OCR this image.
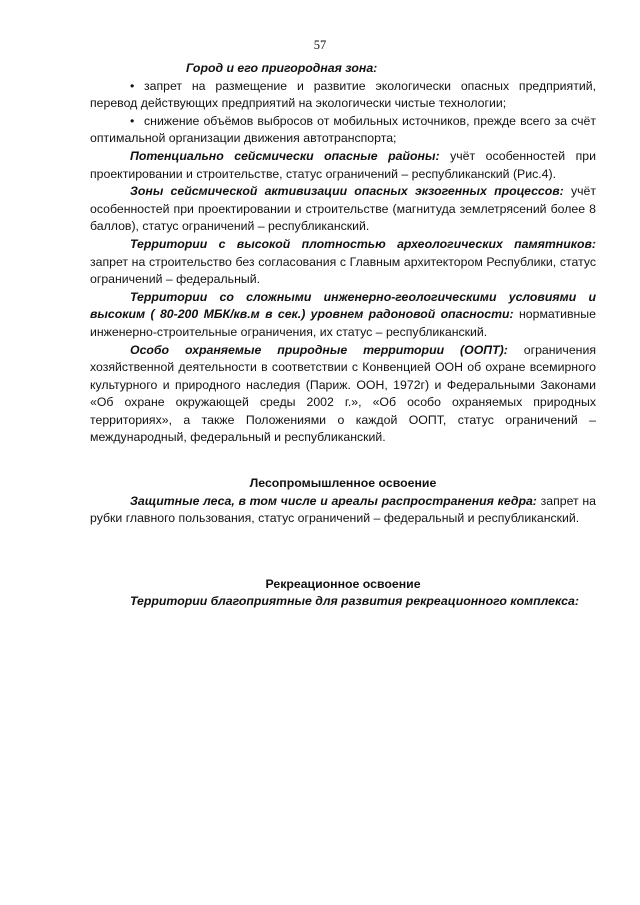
57

Город и его пригородная зона:

• запрет на размещение и развитие экологически опасных предприятий, перевод действующих предприятий на экологически чистые технологии;

• снижение объёмов выбросов от мобильных источников, прежде всего за счёт оптимальной организации движения автотранспорта;

Потенциально сейсмически опасные районы: учёт особенностей при проектировании и строительстве, статус ограничений – республиканский (Рис.4).

Зоны сейсмической активизации опасных экзогенных процессов: учёт особенностей при проектировании и строительстве (магнитуда землетрясений более 8 баллов), статус ограничений – республиканский.

Территории с высокой плотностью археологических памятников: запрет на строительство без согласования с Главным архитектором Республики, статус ограничений – федеральный.

Территории со сложными инженерно-геологическими условиями и высоким ( 80-200 МБК/кв.м в сек.) уровнем радоновой опасности: нормативные инженерно-строительные ограничения, их статус – республиканский.

Особо охраняемые природные территории (ООПТ): ограничения хозяйственной деятельности в соответствии с Конвенцией ООН об охране всемирного культурного и природного наследия (Париж. ООН, 1972г) и Федеральными Законами «Об охране окружающей среды 2002 г.», «Об особо охраняемых природных территориях», а также Положениями о каждой ООПТ, статус ограничений – международный, федеральный и республиканский.

Лесопромышленное освоение

Защитные леса, в том числе и ареалы распространения кедра: запрет на рубки главного пользования, статус ограничений – федеральный и республиканский.

Рекреационное освоение

Территории благоприятные для развития рекреационного комплекса:
